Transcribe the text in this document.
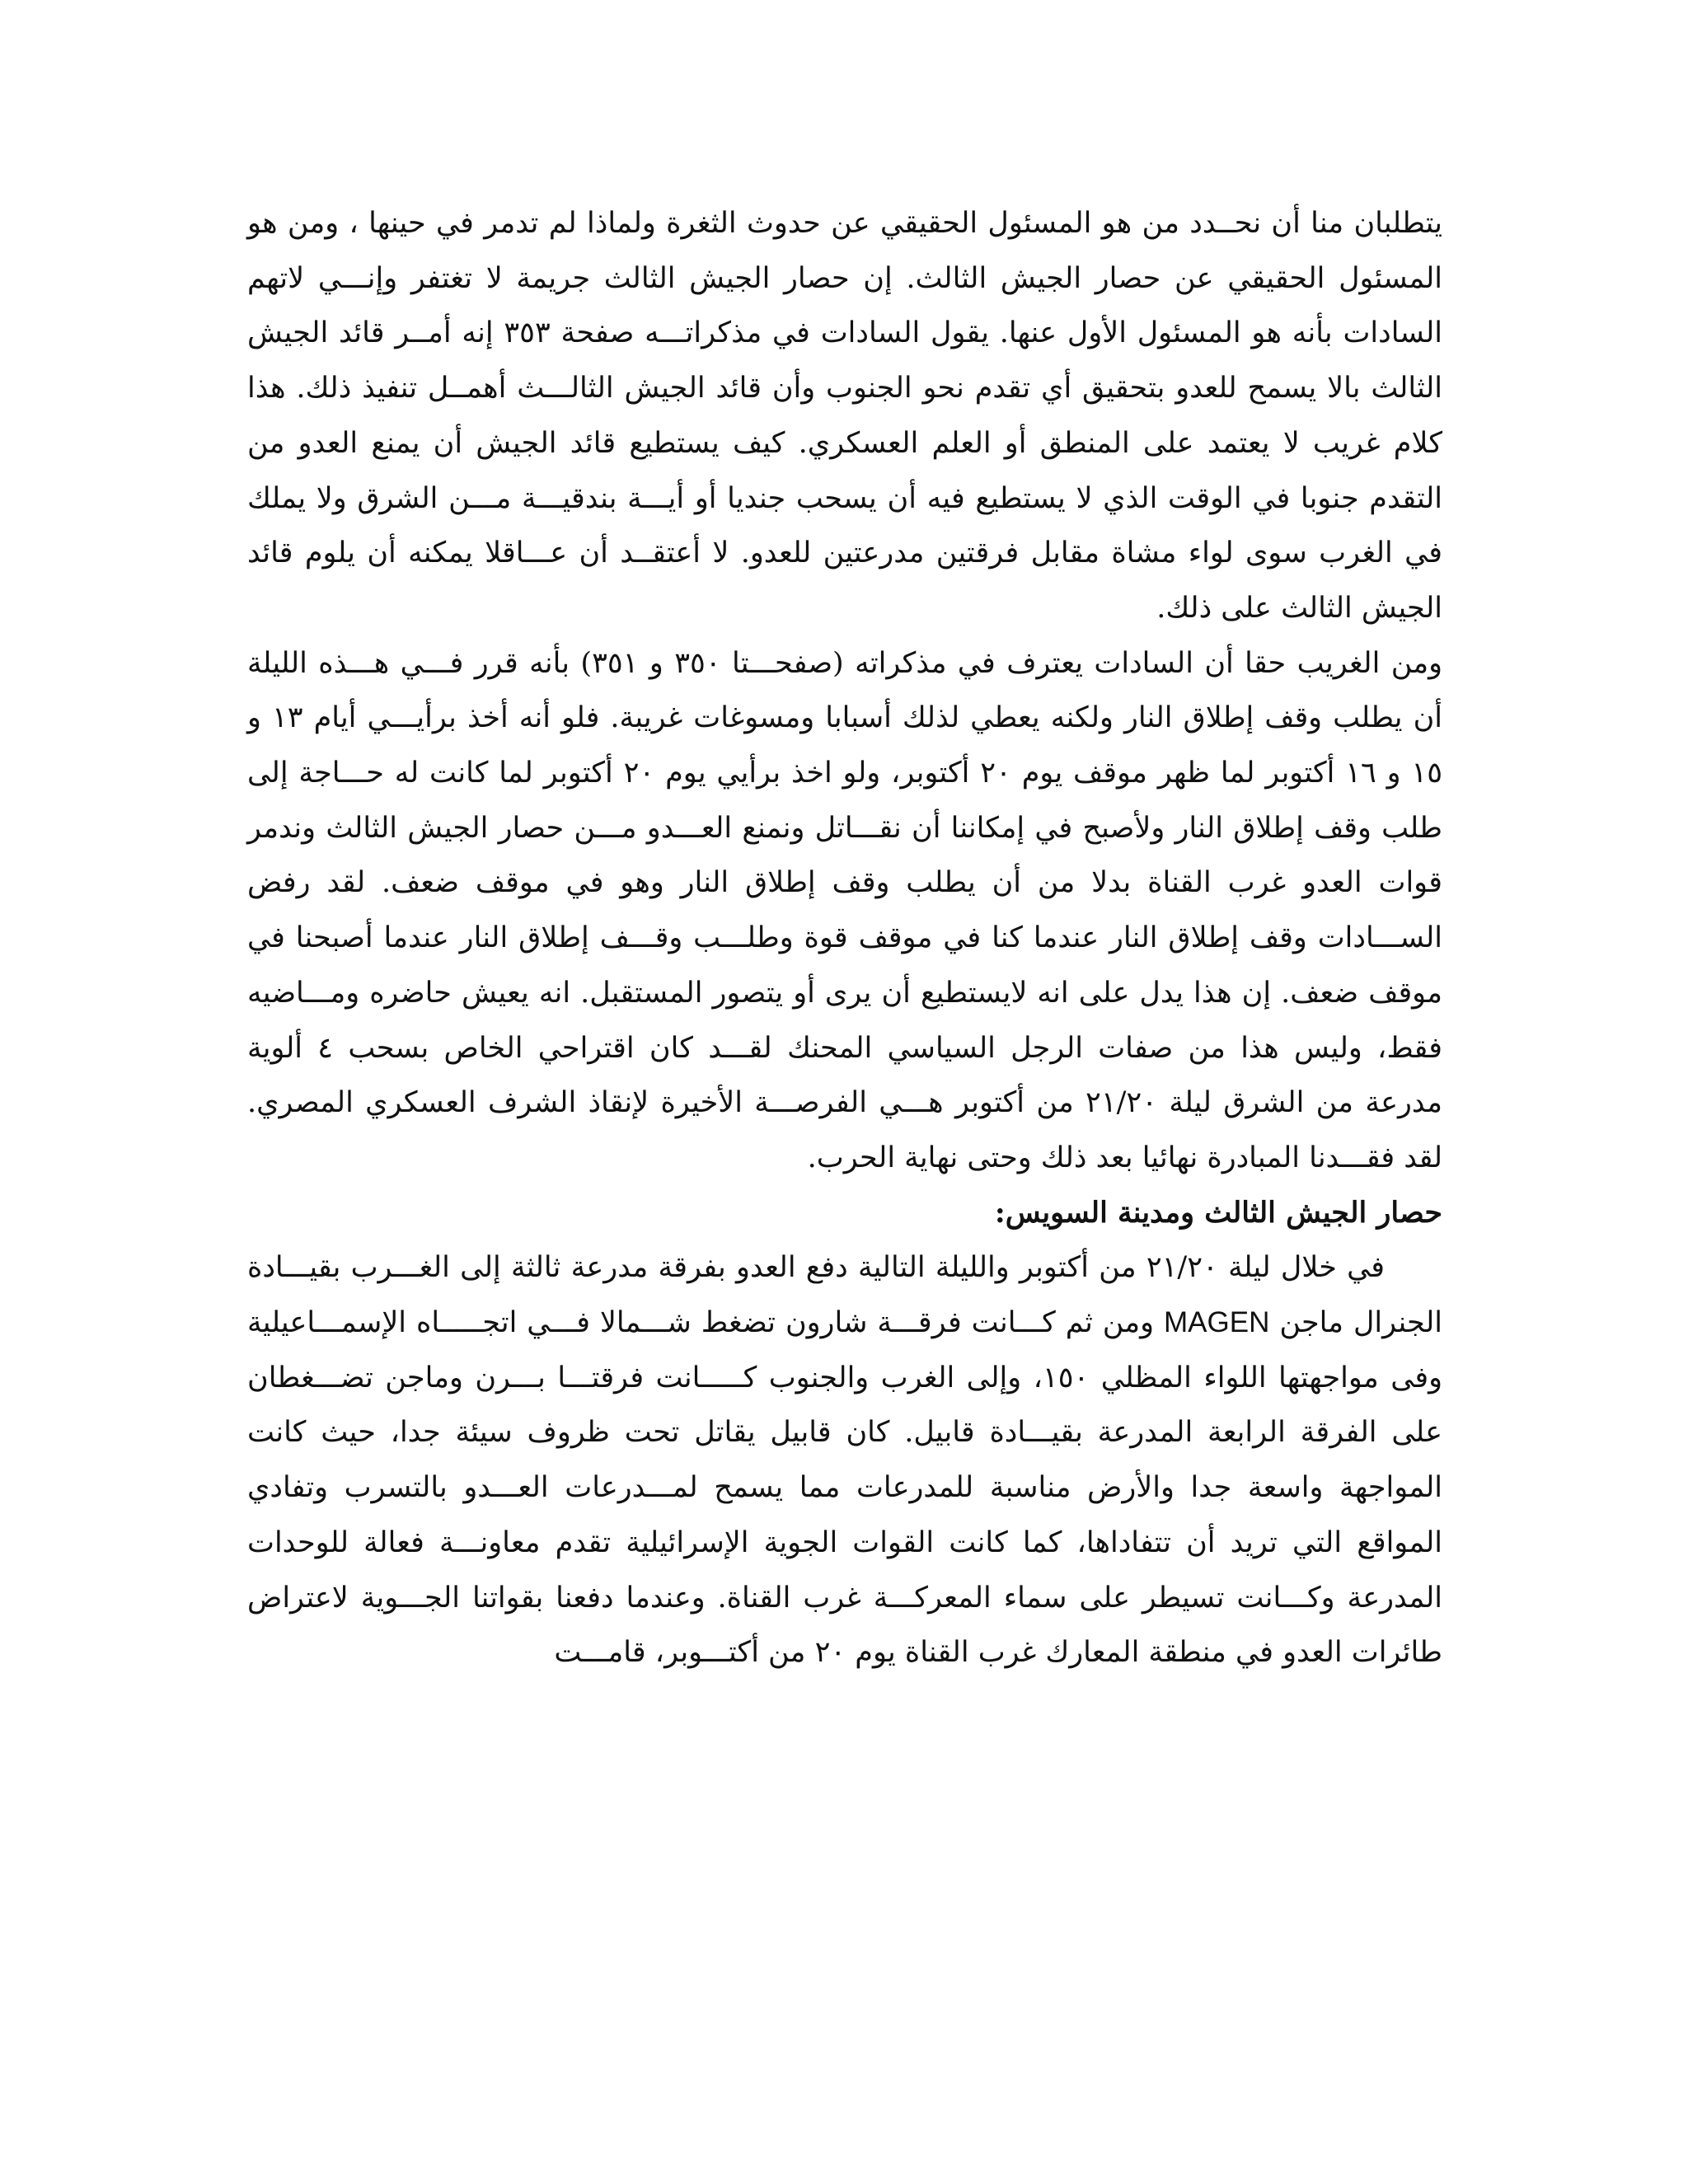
يتطلبان منا أن نحــدد من هو المسئول الحقيقي عن حدوث الثغرة ولماذا لم تدمر في حينها ، ومن هو المسئول الحقيقي عن حصار الجيش الثالث. إن حصار الجيش الثالث جريمة لا تغتفر وإنـــي لاتهم السادات بأنه هو المسئول الأول عنها. يقول السادات في مذكراتـــه صفحة ٣٥٣ إنه أمــر قائد الجيش الثالث بالا يسمح للعدو بتحقيق أي تقدم نحو الجنوب وأن قائد الجيش الثالـــث أهمــل تنفيذ ذلك. هذا كلام غريب لا يعتمد على المنطق أو العلم العسكري. كيف يستطيع قائد الجيش أن يمنع العدو من التقدم جنوبا في الوقت الذي لا يستطيع فيه أن يسحب جنديا أو أيـــة بندقيـــة مـــن الشرق ولا يملك في الغرب سوى لواء مشاة مقابل فرقتين مدرعتين للعدو. لا أعتقــد أن عـــاقلا يمكنه أن يلوم قائد الجيش الثالث على ذلك.

ومن الغريب حقا أن السادات يعترف في مذكراته (صفحـــتا ٣٥٠ و ٣٥١) بأنه قرر فـــي هـــذه الليلة أن يطلب وقف إطلاق النار ولكنه يعطي لذلك أسبابا ومسوغات غريبة. فلو أنه أخذ برأيـــي أيام ١٣ و ١٥ و ١٦ أكتوبر لما ظهر موقف يوم ٢٠ أكتوبر، ولو اخذ برأيي يوم ٢٠ أكتوبر لما كانت له حـــاجة إلى طلب وقف إطلاق النار ولأصبح في إمكاننا أن نقـــاتل ونمنع العـــدو مـــن حصار الجيش الثالث وندمر قوات العدو غرب القناة بدلا من أن يطلب وقف إطلاق النار وهو في موقف ضعف. لقد رفض الســـادات وقف إطلاق النار عندما كنا في موقف قوة وطلـــب وقـــف إطلاق النار عندما أصبحنا في موقف ضعف. إن هذا يدل على انه لايستطيع أن يرى أو يتصور المستقبل. انه يعيش حاضره ومـــاضيه فقط، وليس هذا من صفات الرجل السياسي المحنك لقـــد كان اقتراحي الخاص بسحب ٤ ألوية مدرعة من الشرق ليلة ٢١/٢٠ من أكتوبر هـــي الفرصـــة الأخيرة لإنقاذ الشرف العسكري المصري. لقد فقـــدنا المبادرة نهائيا بعد ذلك وحتى نهاية الحرب.

حصار الجيش الثالث ومدينة السويس:

في خلال ليلة ٢١/٢٠ من أكتوبر والليلة التالية دفع العدو بفرقة مدرعة ثالثة إلى الغـــرب بقيـــادة الجنرال ماجن MAGEN ومن ثم كـــانت فرقـــة شارون تضغط شـــمالا فـــي اتجـــــاه الإسمـــاعيلية وفى مواجهتها اللواء المظلي ١٥٠، وإلى الغرب والجنوب كـــــانت فرقتـــا بـــرن وماجن تضـــغطان على الفرقة الرابعة المدرعة بقيـــادة قابيل. كان قابيل يقاتل تحت ظروف سيئة جدا، حيث كانت المواجهة واسعة جدا والأرض مناسبة للمدرعات مما يسمح لمـــدرعات العـــدو بالتسرب وتفادي المواقع التي تريد أن تتفاداها، كما كانت القوات الجوية الإسرائيلية تقدم معاونـــة فعالة للوحدات المدرعة وكـــانت تسيطر على سماء المعركـــة غرب القناة. وعندما دفعنا بقواتنا الجـــوية لاعتراض طائرات العدو في منطقة المعارك غرب القناة يوم ٢٠ من أكتـــوبر، قامـــت
